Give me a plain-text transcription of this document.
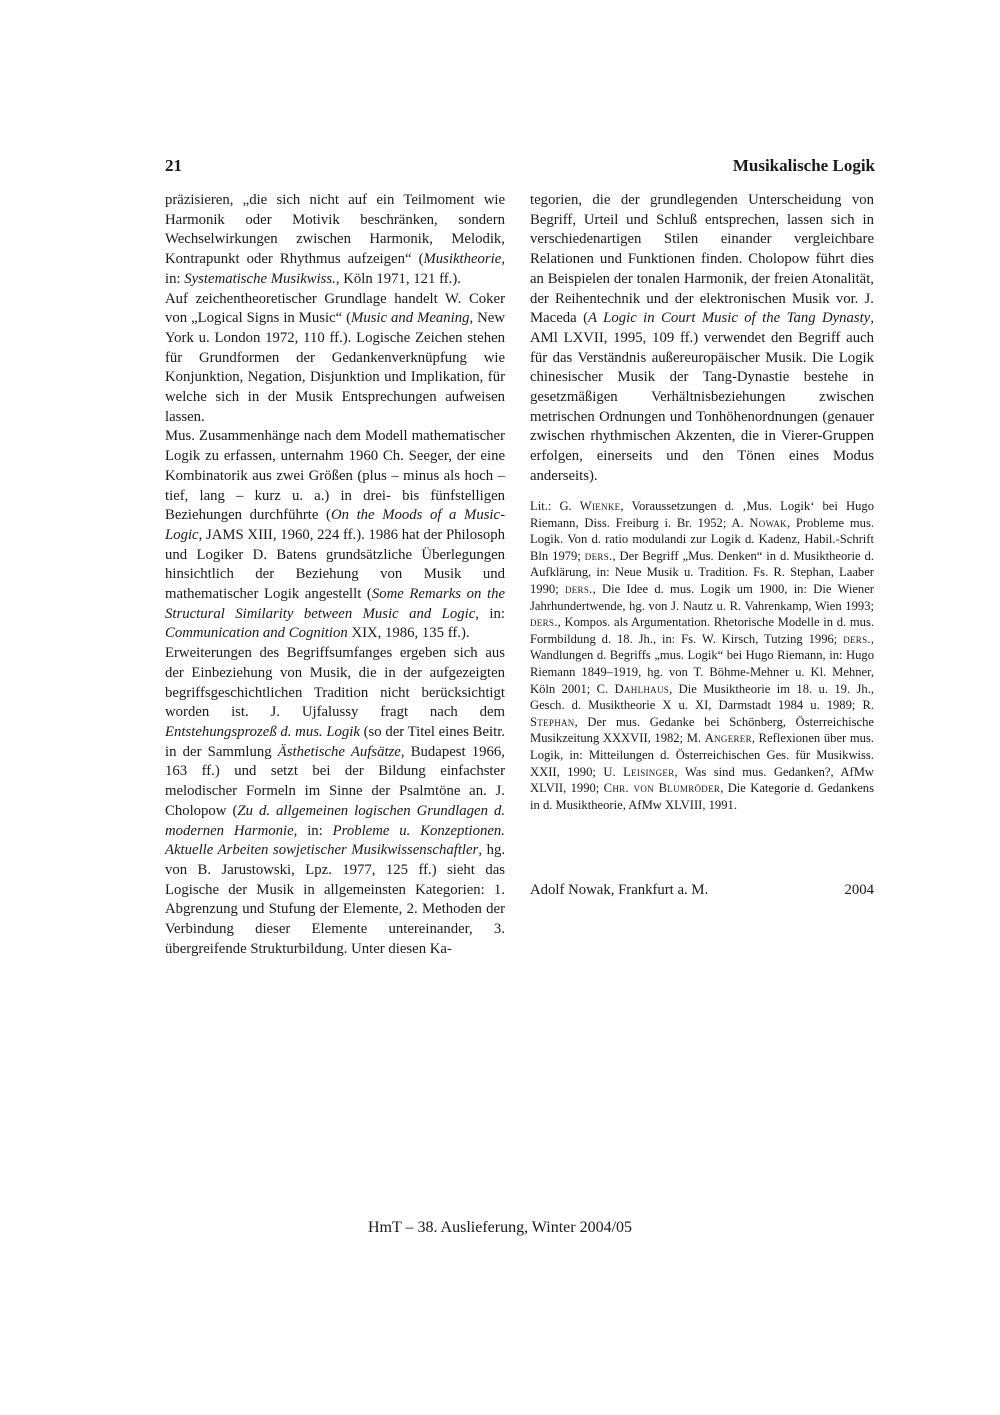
21	Musikalische Logik

präzisieren, „die sich nicht auf ein Teilmoment wie Harmonik oder Motivik beschränken, sondern Wechselwirkungen zwischen Harmonik, Melodik, Kontrapunkt oder Rhythmus aufzeigen“ (Musiktheorie, in: Systematische Musikwiss., Köln 1971, 121 ff.).

Auf zeichentheoretischer Grundlage handelt W. Coker von „Logical Signs in Music“ (Music and Meaning, New York u. London 1972, 110 ff.). Logische Zeichen stehen für Grundformen der Gedankenverknüpfung wie Konjunktion, Negation, Disjunktion und Implikation, für welche sich in der Musik Entsprechungen aufweisen lassen.

Mus. Zusammenhänge nach dem Modell mathematischer Logik zu erfassen, unternahm 1960 Ch. Seeger, der eine Kombinatorik aus zwei Größen (plus – minus als hoch – tief, lang – kurz u. a.) in drei- bis fünfstelligen Beziehungen durchführte (On the Moods of a Music-Logic, JAMS XIII, 1960, 224 ff.). 1986 hat der Philosoph und Logiker D. Batens grundsätzliche Überlegungen hinsichtlich der Beziehung von Musik und mathematischer Logik angestellt (Some Remarks on the Structural Similarity between Music and Logic, in: Communication and Cognition XIX, 1986, 135 ff.).

Erweiterungen des Begriffsumfanges ergeben sich aus der Einbeziehung von Musik, die in der aufgezeigten begriffsgeschichtlichen Tradition nicht berücksichtigt worden ist. J. Ujfalussy fragt nach dem Entstehungsprozeß d. mus. Logik (so der Titel eines Beitr. in der Sammlung Ästhetische Aufsätze, Budapest 1966, 163 ff.) und setzt bei der Bildung einfachster melodischer Formeln im Sinne der Psalmtöne an. J. Cholopow (Zu d. allgemeinen logischen Grundlagen d. modernen Harmonie, in: Probleme u. Konzeptionen. Aktuelle Arbeiten sowjetischer Musikwissenschaftler, hg. von B. Jarustowski, Lpz. 1977, 125 ff.) sieht das Logische der Musik in allgemeinsten Kategorien: 1. Abgrenzung und Stufung der Elemente, 2. Methoden der Verbindung dieser Elemente untereinander, 3. übergreifende Strukturbildung. Unter diesen Ka-

tegorien, die der grundlegenden Unterscheidung von Begriff, Urteil und Schluß entsprechen, lassen sich in verschiedenartigen Stilen einander vergleichbare Relationen und Funktionen finden. Cholopow führt dies an Beispielen der tonalen Harmonik, der freien Atonalität, der Reihentechnik und der elektronischen Musik vor. J. Maceda (A Logic in Court Music of the Tang Dynasty, AMl LXVII, 1995, 109 ff.) verwendet den Begriff auch für das Verständnis außereuropäischer Musik. Die Logik chinesischer Musik der Tang-Dynastie bestehe in gesetzmäßigen Verhältnisbeziehungen zwischen metrischen Ordnungen und Tonhöhenordnungen (genauer zwischen rhythmischen Akzenten, die in Vierer-Gruppen erfolgen, einerseits und den Tönen eines Modus anderseits).

Lit.: G. Wienke, Voraussetzungen d. ‚Mus. Logik‘ bei Hugo Riemann, Diss. Freiburg i. Br. 1952; A. Nowak, Probleme mus. Logik. Von d. ratio modulandi zur Logik d. Kadenz, Habil.-Schrift Bln 1979; ders., Der Begriff „Mus. Denken“ in d. Musiktheorie d. Aufklärung, in: Neue Musik u. Tradition. Fs. R. Stephan, Laaber 1990; ders., Die Idee d. mus. Logik um 1900, in: Die Wiener Jahrhundertwende, hg. von J. Nautz u. R. Vahrenkamp, Wien 1993; ders., Kompos. als Argumentation. Rhetorische Modelle in d. mus. Formbildung d. 18. Jh., in: Fs. W. Kirsch, Tutzing 1996; ders., Wandlungen d. Begriffs „mus. Logik“ bei Hugo Riemann, in: Hugo Riemann 1849–1919, hg. von T. Böhme-Mehner u. Kl. Mehner, Köln 2001; C. Dahlhaus, Die Musiktheorie im 18. u. 19. Jh., Gesch. d. Musiktheorie X u. XI, Darmstadt 1984 u. 1989; R. Stephan, Der mus. Gedanke bei Schönberg, Österreichische Musikzeitung XXXVII, 1982; M. Angerer, Reflexionen über mus. Logik, in: Mitteilungen d. Österreichischen Ges. für Musikwiss. XXII, 1990; U. Leisinger, Was sind mus. Gedanken?, AfMw XLVII, 1990; Chr. von Blumröder, Die Kategorie d. Gedankens in d. Musiktheorie, AfMw XLVIII, 1991.

Adolf Nowak, Frankfurt a. M.	2004
HmT – 38. Auslieferung, Winter 2004/05
